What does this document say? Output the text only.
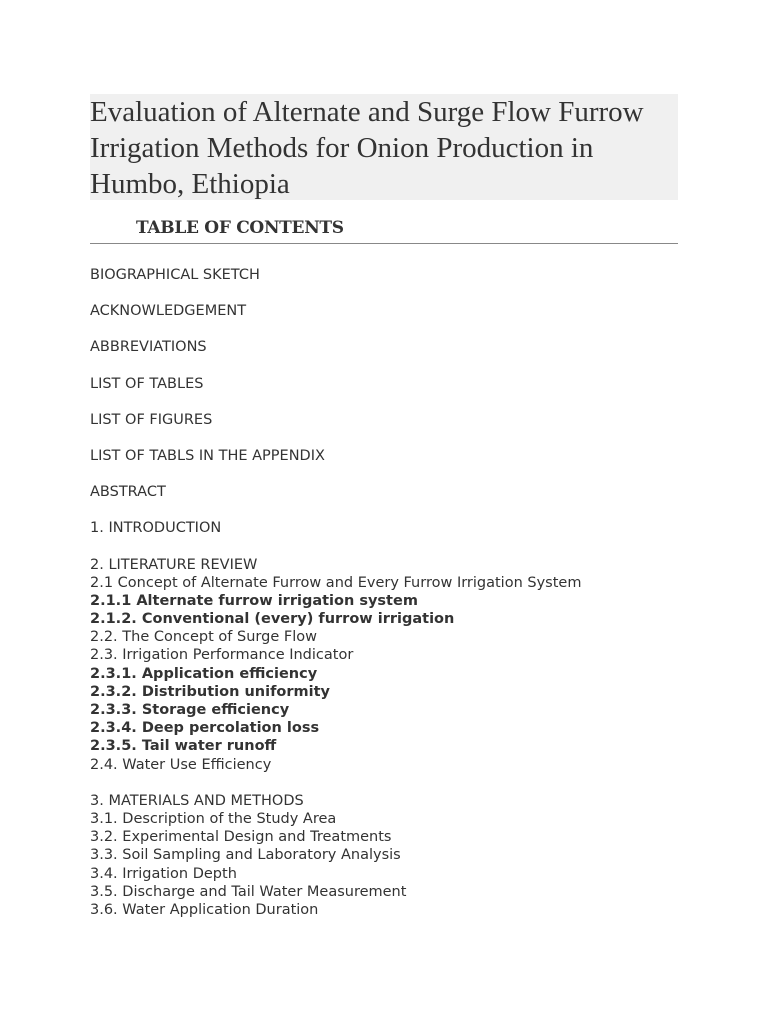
Evaluation of Alternate and Surge Flow Furrow Irrigation Methods for Onion Production in Humbo, Ethiopia
TABLE OF CONTENTS
BIOGRAPHICAL SKETCH
ACKNOWLEDGEMENT
ABBREVIATIONS
LIST OF TABLES
LIST OF FIGURES
LIST OF TABLS IN THE APPENDIX
ABSTRACT
1. INTRODUCTION
2. LITERATURE REVIEW
2.1 Concept of Alternate Furrow and Every Furrow Irrigation System
2.1.1 Alternate furrow irrigation system
2.1.2. Conventional (every) furrow irrigation
2.2. The Concept of Surge Flow
2.3. Irrigation Performance Indicator
2.3.1. Application efficiency
2.3.2. Distribution uniformity
2.3.3. Storage efficiency
2.3.4. Deep percolation loss
2.3.5. Tail water runoff
2.4. Water Use Efficiency
3. MATERIALS AND METHODS
3.1. Description of the Study Area
3.2. Experimental Design and Treatments
3.3. Soil Sampling and Laboratory Analysis
3.4. Irrigation Depth
3.5. Discharge and Tail Water Measurement
3.6. Water Application Duration
